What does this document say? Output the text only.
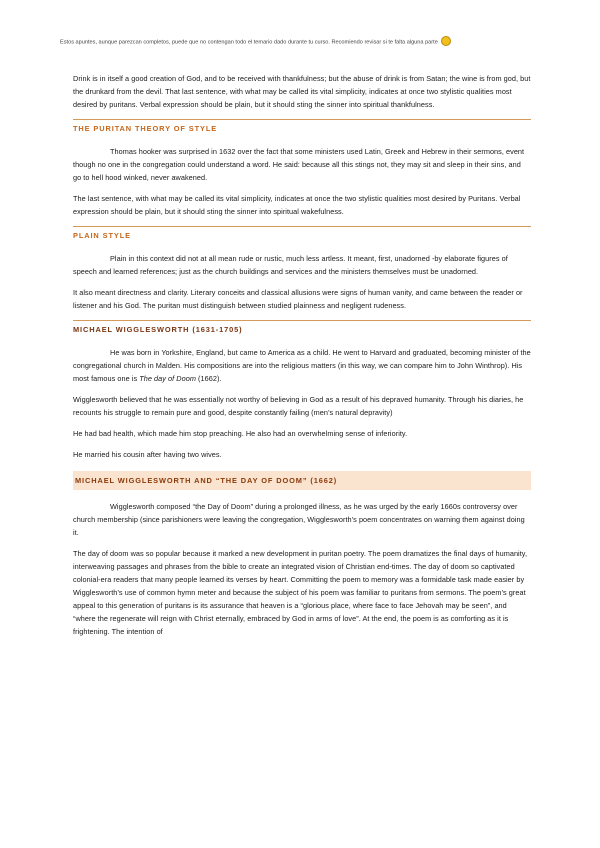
Estos apuntes, aunque parezcan completos, puede que no contengan todo el temario dado durante tu curso. Recomiendo revisar si te falta alguna parte

Drink is in itself a good creation of God, and to be received with thankfulness; but the abuse of drink is from Satan; the wine is from god, but the drunkard from the devil. That last sentence, with what may be called its vital simplicity, indicates at once two stylistic qualities most desired by puritans. Verbal expression should be plain, but it should sting the sinner into spiritual thankfulness.

THE PURITAN THEORY OF STYLE

Thomas hooker was surprised in 1632 over the fact that some ministers used Latin, Greek and Hebrew in their sermons, event though no one in the congregation could understand a word. He said: because all this stings not, they may sit and sleep in their sins, and go to hell hood winked, never awakened.

The last sentence, with what may be called its vital simplicity, indicates at once the two stylistic qualities most desired by Puritans. Verbal expression should be plain, but it should sting the sinner into spiritual wakefulness.

PLAIN STYLE

Plain in this context did not at all mean rude or rustic, much less artless. It meant, first, unadorned -by elaborate figures of speech and learned references; just as the church buildings and services and the ministers themselves must be unadorned.

It also meant directness and clarity. Literary conceits and classical allusions were signs of human vanity, and came between the reader or listener and his God. The puritan must distinguish between studied plainness and negligent rudeness.

MICHAEL WIGGLESWORTH (1631-1705)

He was born in Yorkshire, England, but came to America as a child. He went to Harvard and graduated, becoming minister of the congregational church in Malden. His compositions are into the religious matters (in this way, we can compare him to John Winthrop). His most famous one is The day of Doom (1662).

Wigglesworth believed that he was essentially not worthy of believing in God as a result of his depraved humanity. Through his diaries, he recounts his struggle to remain pure and good, despite constantly failing (men’s natural depravity)

He had bad health, which made him stop preaching. He also had an overwhelming sense of inferiority.

He married his cousin after having two wives.

MICHAEL WIGGLESWORTH AND “THE DAY OF DOOM” (1662)

Wigglesworth composed “the Day of Doom” during a prolonged illness, as he was urged by the early 1660s controversy over church membership (since parishioners were leaving the congregation, Wigglesworth’s poem concentrates on warning them against doing it.

The day of doom was so popular because it marked a new development in puritan poetry. The poem dramatizes the final days of humanity, interweaving passages and phrases from the bible to create an integrated vision of Christian end-times. The day of doom so captivated colonial-era readers that many people learned its verses by heart. Committing the poem to memory was a formidable task made easier by Wigglesworth’s use of common hymn meter and because the subject of his poem was familiar to puritans from sermons. The poem’s great appeal to this generation of puritans is its assurance that heaven is a “glorious place, where face to face Jehovah may be seen”, and “where the regenerate will reign with Christ eternally, embraced by God in arms of love”. At the end, the poem is as comforting as it is frightening. The intention of
